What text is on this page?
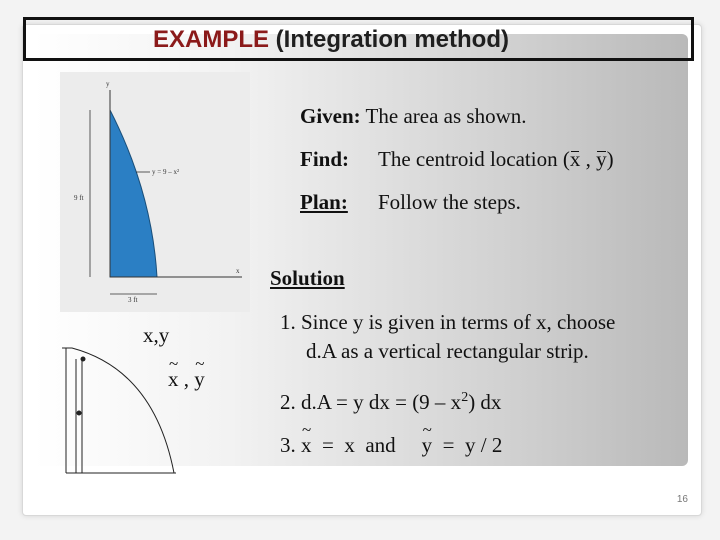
EXAMPLE (Integration method)
y
x
y = 9 – x²
9 ft
3 ft
Given: The area as shown.
Find: The centroid location (x , y)
Plan: Follow the steps.
Solution
1. Since y is given in terms of x, choose
d.A as a vertical rectangular strip.
2. d.A = y dx = $(9 - x^2)$ dx
3. ~ x  =  x  and ~ y  =  y / 2
x,y
~ x , ~ y
16
